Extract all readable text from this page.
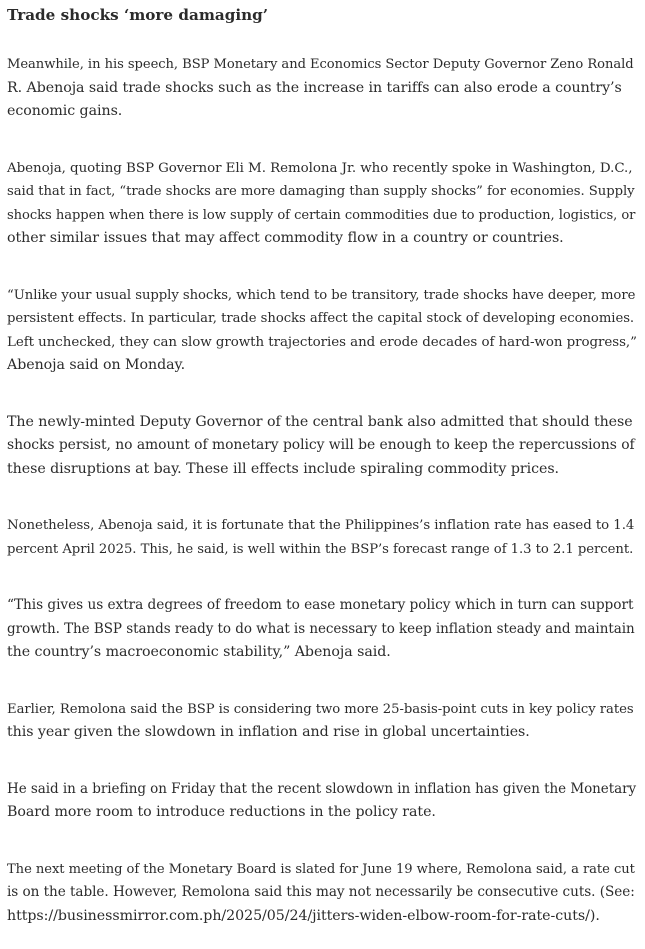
Trade shocks ‘more damaging’

Meanwhile, in his speech, BSP Monetary and Economics Sector Deputy Governor Zeno Ronald
R. Abenoja said trade shocks such as the increase in tariffs can also erode a country’s
economic gains.

Abenoja, quoting BSP Governor Eli M. Remolona Jr. who recently spoke in Washington, D.C.,
said that in fact, “trade shocks are more damaging than supply shocks” for economies. Supply
shocks happen when there is low supply of certain commodities due to production, logistics, or
other similar issues that may affect commodity flow in a country or countries.

“Unlike your usual supply shocks, which tend to be transitory, trade shocks have deeper, more
persistent effects. In particular, trade shocks affect the capital stock of developing economies.
Left unchecked, they can slow growth trajectories and erode decades of hard-won progress,”
Abenoja said on Monday.

The newly-minted Deputy Governor of the central bank also admitted that should these
shocks persist, no amount of monetary policy will be enough to keep the repercussions of
these disruptions at bay. These ill effects include spiraling commodity prices.

Nonetheless, Abenoja said, it is fortunate that the Philippines’s inflation rate has eased to 1.4
percent April 2025. This, he said, is well within the BSP’s forecast range of 1.3 to 2.1 percent.

“This gives us extra degrees of freedom to ease monetary policy which in turn can support
growth. The BSP stands ready to do what is necessary to keep inflation steady and maintain
the country’s macroeconomic stability,” Abenoja said.

Earlier, Remolona said the BSP is considering two more 25-basis-point cuts in key policy rates
this year given the slowdown in inflation and rise in global uncertainties.

He said in a briefing on Friday that the recent slowdown in inflation has given the Monetary
Board more room to introduce reductions in the policy rate.

The next meeting of the Monetary Board is slated for June 19 where, Remolona said, a rate cut
is on the table. However, Remolona said this may not necessarily be consecutive cuts. (See:
https://businessmirror.com.ph/2025/05/24/jitters-widen-elbow-room-for-rate-cuts/).
